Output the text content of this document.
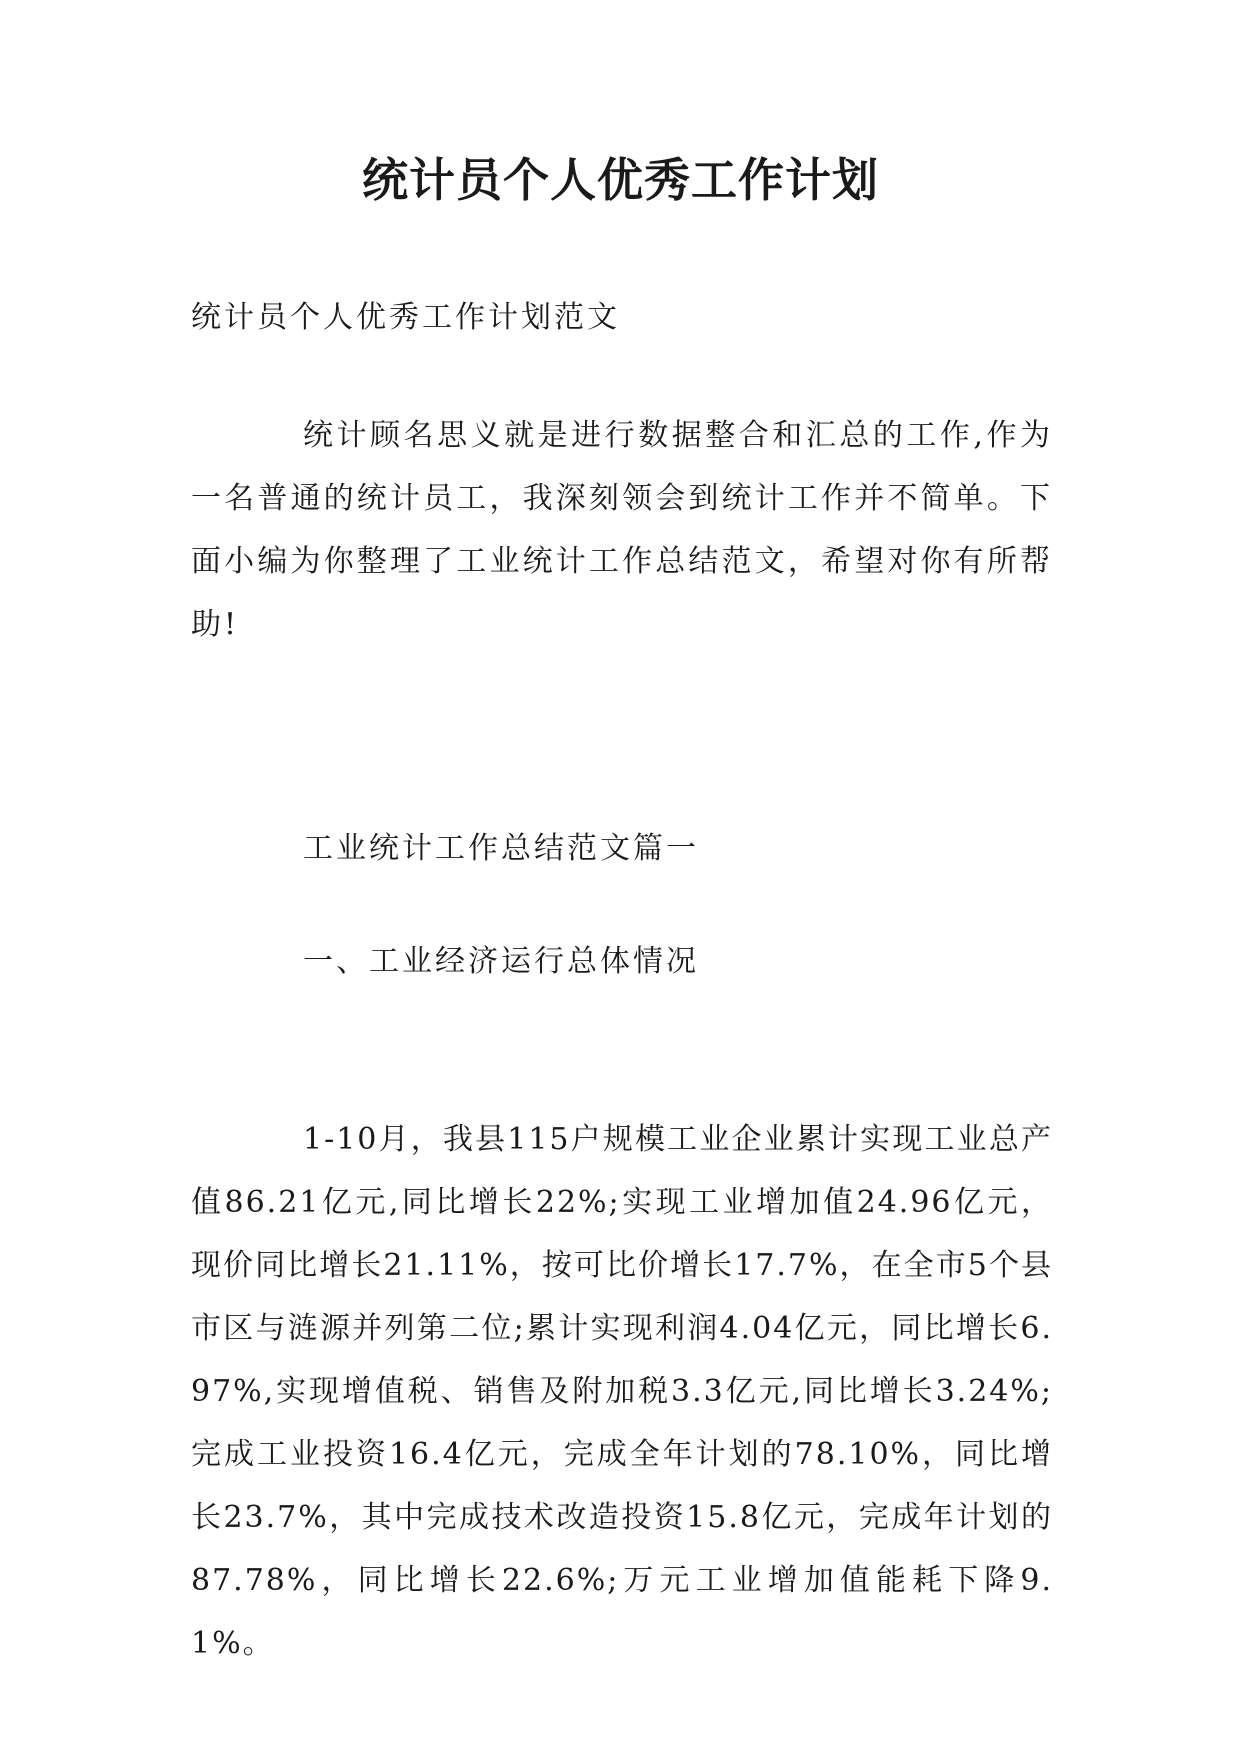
统计员个人优秀工作计划
统计员个人优秀工作计划范文
统计顾名思义就是进行数据整合和汇总的工作,作为一名普通的统计员工，我深刻领会到统计工作并不简单。下面小编为你整理了工业统计工作总结范文，希望对你有所帮助!
工业统计工作总结范文篇一
一、工业经济运行总体情况
1-10月，我县115户规模工业企业累计实现工业总产值86.21亿元,同比增长22%;实现工业增加值24.96亿元，现价同比增长21.11%，按可比价增长17.7%，在全市5个县市区与涟源并列第二位;累计实现利润4.04亿元，同比增长6.97%,实现增值税、销售及附加税3.3亿元,同比增长3.24%;完成工业投资16.4亿元，完成全年计划的78.10%，同比增长23.7%，其中完成技术改造投资15.8亿元，完成年计划的87.78%，同比增长22.6%;万元工业增加值能耗下降9.1%。
